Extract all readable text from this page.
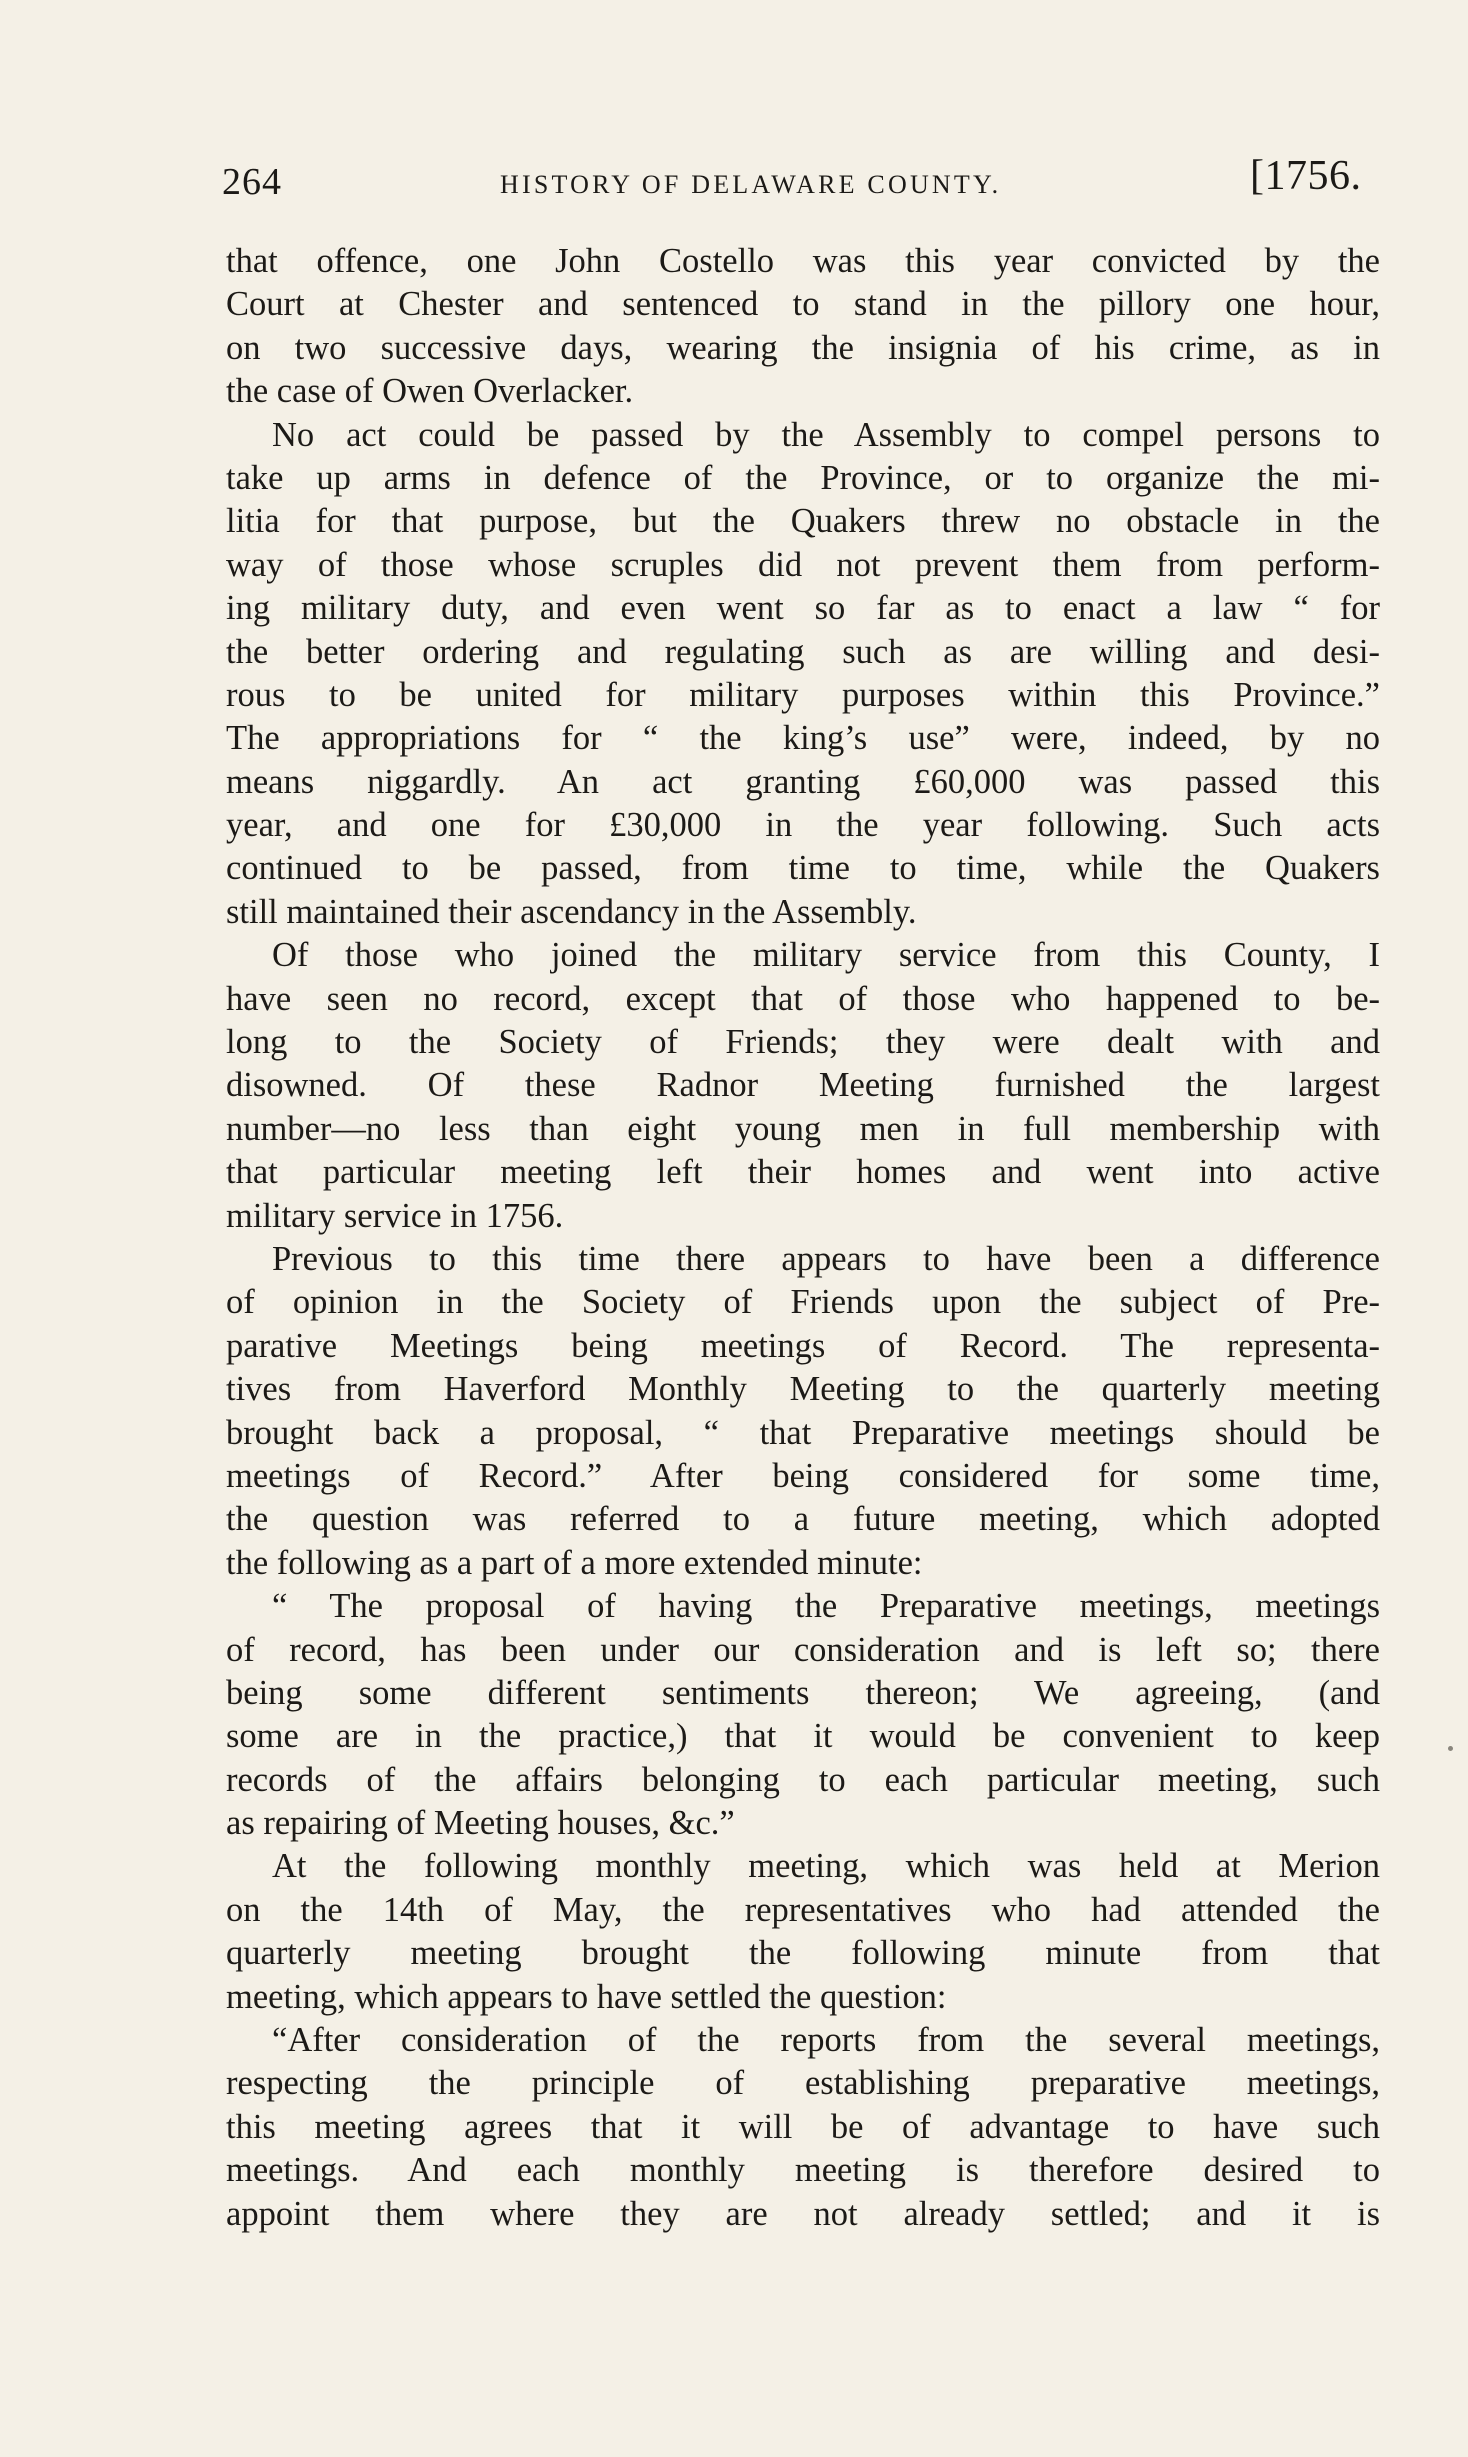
264	HISTORY OF DELAWARE COUNTY.	[1756.
that offence, one John Costello was this year convicted by the
Court at Chester and sentenced to stand in the pillory one hour,
on two successive days, wearing the insignia of his crime, as in
the case of Owen Overlacker.
No act could be passed by the Assembly to compel persons to
take up arms in defence of the Province, or to organize the mi-
litia for that purpose, but the Quakers threw no obstacle in the
way of those whose scruples did not prevent them from perform-
ing military duty, and even went so far as to enact a law “ for
the better ordering and regulating such as are willing and desi-
rous to be united for military purposes within this Province.”
The appropriations for “ the king’s use” were, indeed, by no
means niggardly. An act granting £60,000 was passed this
year, and one for £30,000 in the year following. Such acts
continued to be passed, from time to time, while the Quakers
still maintained their ascendancy in the Assembly.
Of those who joined the military service from this County, I
have seen no record, except that of those who happened to be-
long to the Society of Friends; they were dealt with and
disowned. Of these Radnor Meeting furnished the largest
number—no less than eight young men in full membership with
that particular meeting left their homes and went into active
military service in 1756.
Previous to this time there appears to have been a difference
of opinion in the Society of Friends upon the subject of Pre-
parative Meetings being meetings of Record. The representa-
tives from Haverford Monthly Meeting to the quarterly meeting
brought back a proposal, “ that Preparative meetings should be
meetings of Record.” After being considered for some time,
the question was referred to a future meeting, which adopted
the following as a part of a more extended minute:
“ The proposal of having the Preparative meetings, meetings
of record, has been under our consideration and is left so; there
being some different sentiments thereon; We agreeing, (and
some are in the practice,) that it would be convenient to keep
records of the affairs belonging to each particular meeting, such
as repairing of Meeting houses, &c.”
At the following monthly meeting, which was held at Merion
on the 14th of May, the representatives who had attended the
quarterly meeting brought the following minute from that
meeting, which appears to have settled the question:
“After consideration of the reports from the several meetings,
respecting the principle of establishing preparative meetings,
this meeting agrees that it will be of advantage to have such
meetings. And each monthly meeting is therefore desired to
appoint them where they are not already settled; and it is
